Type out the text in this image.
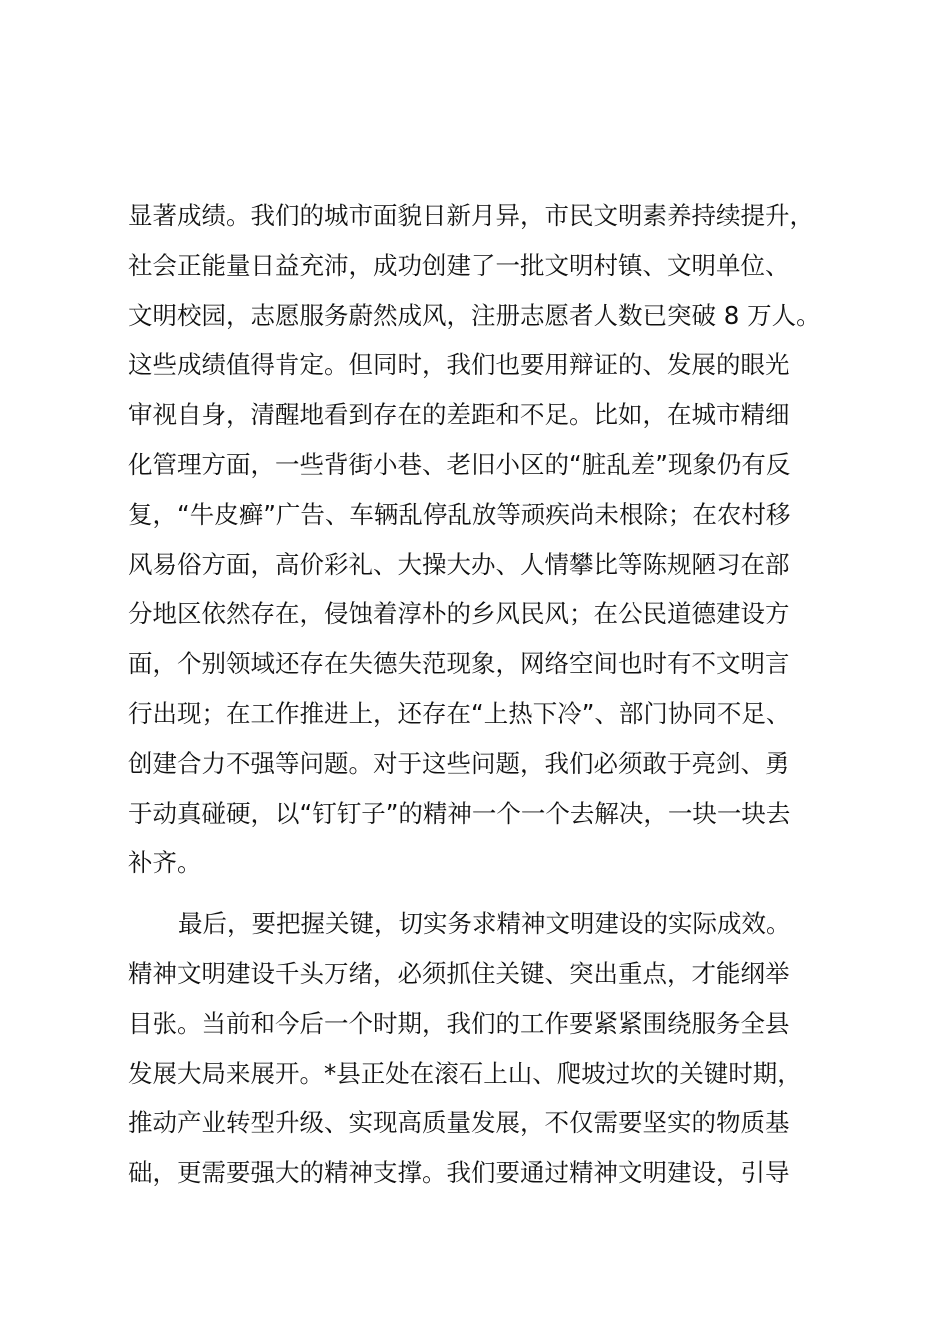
显著成绩。我们的城市面貌日新月异，市民文明素养持续提升，

社会正能量日益充沛，成功创建了一批文明村镇、文明单位、

文明校园，志愿服务蔚然成风，注册志愿者人数已突破 8 万人。

这些成绩值得肯定。但同时，我们也要用辩证的、发展的眼光

审视自身，清醒地看到存在的差距和不足。比如，在城市精细

化管理方面，一些背街小巷、老旧小区的“脏乱差”现象仍有反

复，“牛皮癣”广告、车辆乱停乱放等顽疾尚未根除；在农村移

风易俗方面，高价彩礼、大操大办、人情攀比等陈规陋习在部

分地区依然存在，侵蚀着淳朴的乡风民风；在公民道德建设方

面，个别领域还存在失德失范现象，网络空间也时有不文明言

行出现；在工作推进上，还存在“上热下冷”、部门协同不足、

创建合力不强等问题。对于这些问题，我们必须敢于亮剑、勇

于动真碰硬，以“钉钉子”的精神一个一个去解决，一块一块去

补齐。

最后，要把握关键，切实务求精神文明建设的实际成效。

精神文明建设千头万绪，必须抓住关键、突出重点，才能纲举

目张。当前和今后一个时期，我们的工作要紧紧围绕服务全县

发展大局来展开。*县正处在滚石上山、爬坡过坎的关键时期，

推动产业转型升级、实现高质量发展，不仅需要坚实的物质基

础，更需要强大的精神支撑。我们要通过精神文明建设，引导
